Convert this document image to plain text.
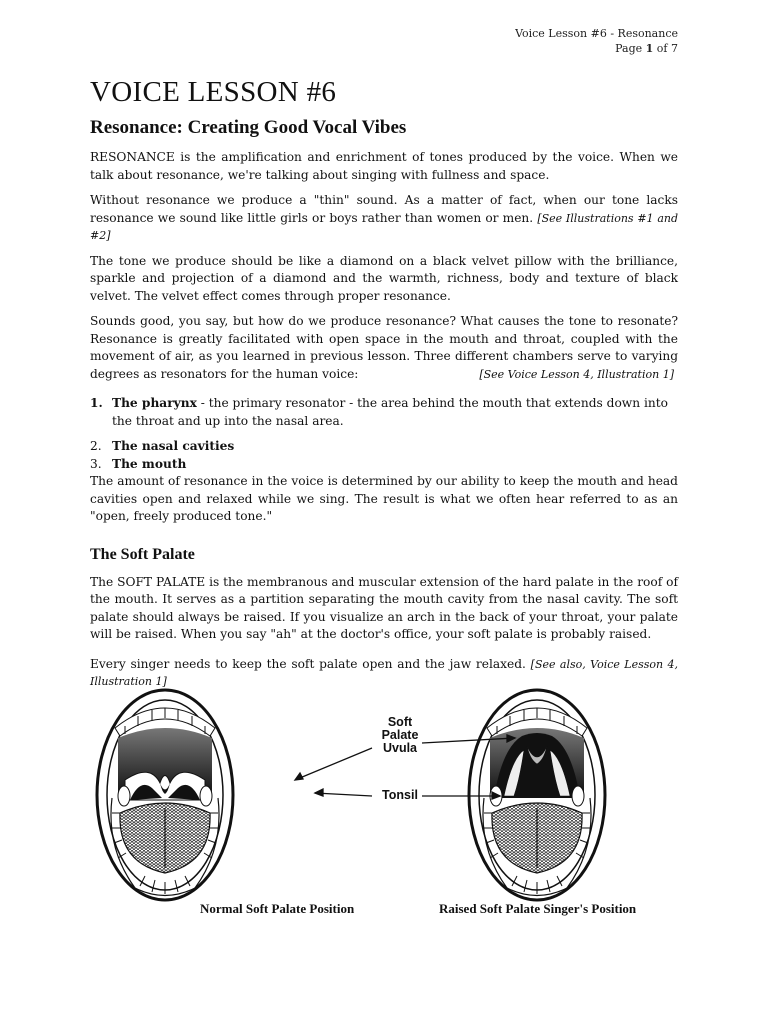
Voice Lesson #6 - Resonance
Page 1 of 7
VOICE LESSON #6
Resonance: Creating Good Vocal Vibes

RESONANCE is the amplification and enrichment of tones produced by the voice. When we talk about resonance, we're talking about singing with fullness and space.

Without resonance we produce a "thin" sound. As a matter of fact, when our tone lacks resonance we sound like little girls or boys rather than women or men. [See Illustrations #1 and #2]

The tone we produce should be like a diamond on a black velvet pillow with the brilliance, sparkle and projection of a diamond and the warmth, richness, body and texture of black velvet. The velvet effect comes through proper resonance.

Sounds good, you say, but how do we produce resonance? What causes the tone to resonate? Resonance is greatly facilitated with open space in the mouth and throat, coupled with the movement of air, as you learned in previous lesson. Three different chambers serve to varying degrees as resonators for the human voice:	[See Voice Lesson 4, Illustration 1]

1. The pharynx - the primary resonator - the area behind the mouth that extends down into the throat and up into the nasal area.
2. The nasal cavities
3. The mouth

The amount of resonance in the voice is determined by our ability to keep the mouth and head cavities open and relaxed while we sing. The result is what we often hear referred to as an "open, freely produced tone."

The Soft Palate

The SOFT PALATE is the membranous and muscular extension of the hard palate in the roof of the mouth. It serves as a partition separating the mouth cavity from the nasal cavity. The soft palate should always be raised. If you visualize an arch in the back of your throat, your palate will be raised. When you say "ah" at the doctor's office, your soft palate is probably raised.

Every singer needs to keep the soft palate open and the jaw relaxed. [See also, Voice Lesson 4, Illustration 1]

Soft
Palate
Uvula
Tonsil
Normal Soft Palate Position	Raised Soft Palate Singer's Position
